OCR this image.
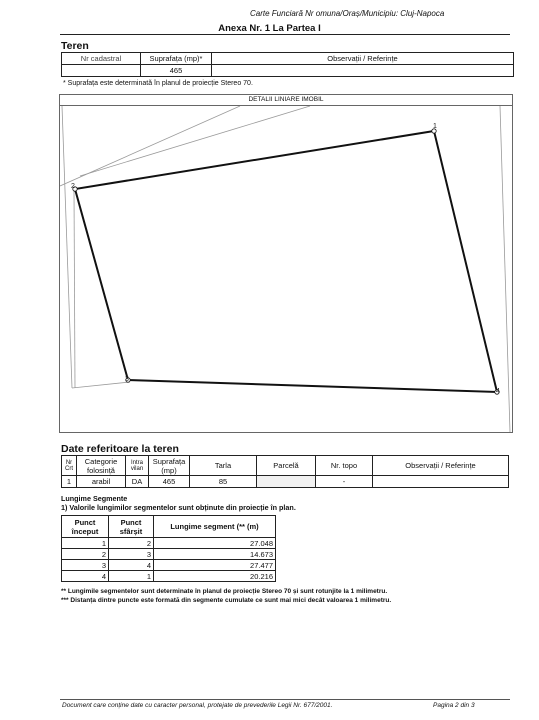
Carte Funciară Nr omuna/Oraș/Municipiu: Cluj-Napoca
Anexa Nr. 1 La Partea I
Teren
Nr cadastral	Suprafața (mp)*	Observații / Referințe
	465	
* Suprafața este determinată în planul de proiecție Stereo 70.
DETALII LINIARE IMOBIL
1
2
3
4
Date referitoare la teren
Nr Crt	Categorie folosință	Intra vilan	Suprafața (mp)	Tarla	Parcelă	Nr. topo	Observații / Referințe
1	arabil	DA	465	85		-	
Lungime Segmente
1) Valorile lungimilor segmentelor sunt obținute din proiecție în plan.
Punct început	Punct sfârșit	Lungime segment (** (m)
1	2	27.048
2	3	14.673
3	4	27.477
4	1	20.216
** Lungimile segmentelor sunt determinate în planul de proiecție Stereo 70 și sunt rotunjite la 1 milimetru.
*** Distanța dintre puncte este formată din segmente cumulate ce sunt mai mici decât valoarea 1 milimetru.
Document care conține date cu caracter personal, protejate de prevederile Legii Nr. 677/2001.	Pagina 2 din 3
